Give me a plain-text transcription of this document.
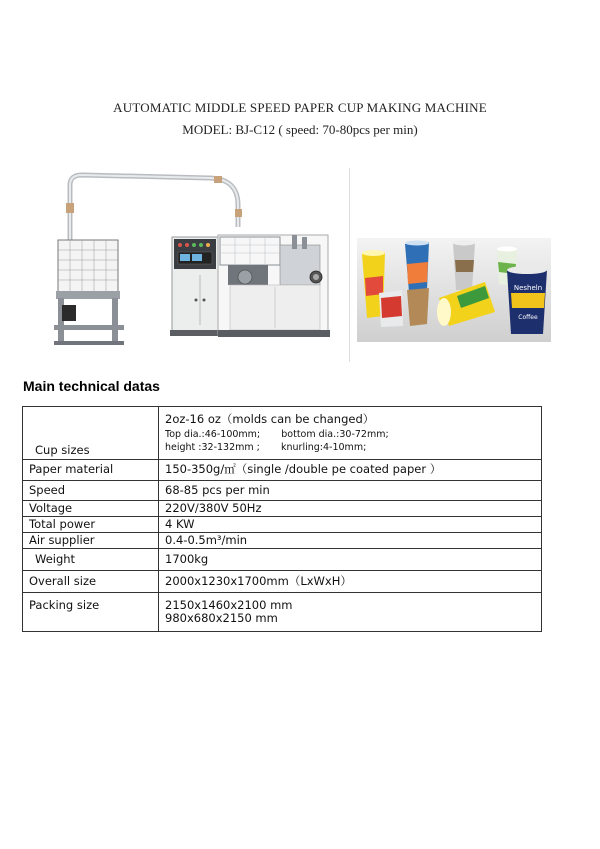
AUTOMATIC MIDDLE SPEED PAPER CUP MAKING MACHINE
MODEL: BJ-C12 ( speed: 70-80pcs per min)
Nesheln
Coffee
Main technical datas
Cup sizes	2oz-16 oz（molds can be changed）
Top dia.:46-100mm;       bottom dia.:30-72mm;
height :32-132mm ;       knurling:4-10mm;

Paper material	150-350g/㎡（single /double pe coated paper ）
Speed	68-85 pcs per min
Voltage	220V/380V 50Hz
Total power	4 KW
Air supplier	0.4-0.5m³/min
Weight	1700kg
Overall size	2000x1230x1700mm（LxWxH）
Packing size	2150x1460x2100 mm
980x680x2150 mm
